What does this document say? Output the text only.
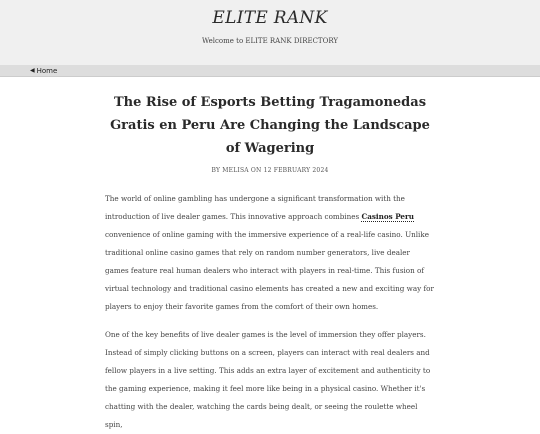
ELITE RANK
Welcome to ELITE RANK DIRECTORY
◀ Home
The Rise of Esports Betting Tragamonedas Gratis en Peru Are Changing the Landscape of Wagering
BY MELISA ON 12 FEBRUARY 2024

The world of online gambling has undergone a significant transformation with the introduction of live dealer games. This innovative approach combines Casinos Peru convenience of online gaming with the immersive experience of a real-life casino. Unlike traditional online casino games that rely on random number generators, live dealer games feature real human dealers who interact with players in real-time. This fusion of virtual technology and traditional casino elements has created a new and exciting way for players to enjoy their favorite games from the comfort of their own homes.

One of the key benefits of live dealer games is the level of immersion they offer players. Instead of simply clicking buttons on a screen, players can interact with real dealers and fellow players in a live setting. This adds an extra layer of excitement and authenticity to the gaming experience, making it feel more like being in a physical casino. Whether it's chatting with the dealer, watching the cards being dealt, or seeing the roulette wheel spin,
